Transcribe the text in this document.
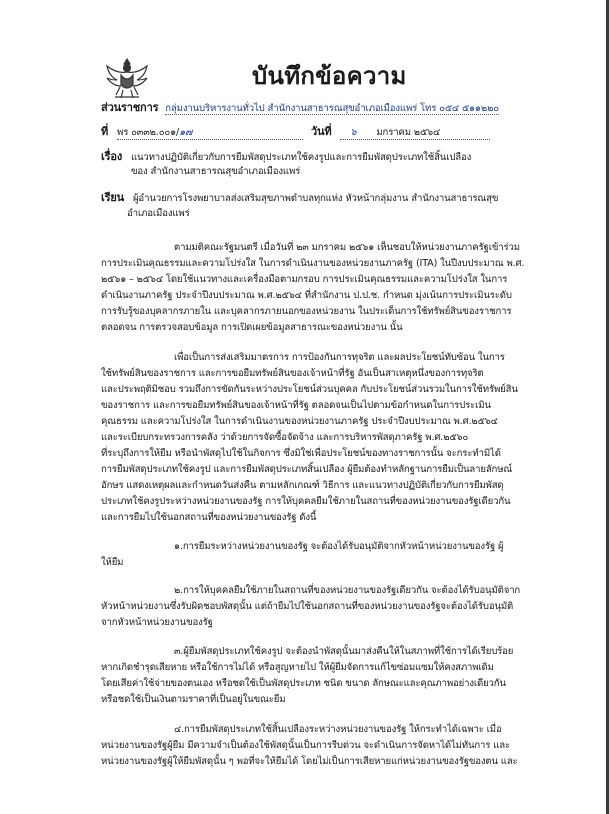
บันทึกข้อความ
ส่วนราชการ กลุ่มงานบริหารงานทั่วไป สำนักงานสาธารณสุขอำเภอเมืองแพร่ โทร ๐๕๔ ๕๑๑๒๒๐
ที่ พร ๐๓๓๒.๐๐๑/๑๗	วันที่ ๖ มกราคม ๒๕๖๔
เรื่อง แนวทางปฏิบัติเกี่ยวกับการยืมพัสดุประเภทใช้คงรูปและการยืมพัสดุประเภทใช้สิ้นเปลือง
ของ สำนักงานสาธารณสุขอำเภอเมืองแพร่
เรียน ผู้อำนวยการโรงพยาบาลส่งเสริมสุขภาพตำบลทุกแห่ง หัวหน้ากลุ่มงาน สำนักงานสาธารณสุข
อำเภอเมืองแพร่
ตามมติคณะรัฐมนตรี เมื่อวันที่ ๒๓ มกราคม ๒๕๖๑ เห็นชอบให้หน่วยงานภาครัฐเข้าร่วม
การประเมินคุณธรรมและความโปร่งใส ในการดำเนินงานของหน่วยงานภาครัฐ (ITA) ในปีงบประมาณ พ.ศ.
๒๕๖๑ – ๒๕๖๔ โดยใช้แนวทางและเครื่องมือตามกรอบ การประเมินคุณธรรมและความโปร่งใส ในการ
ดำเนินงานภาครัฐ ประจำปีงบประมาณ พ.ศ.๒๕๖๔ ที่สำนักงาน ป.ป.ช. กำหนด มุ่งเน้นการประเมินระดับ
การรับรู้ของบุคลากรภายใน และบุคลากรภายนอกของหน่วยงาน ในประเด็นการใช้ทรัพย์สินของราชการ
ตลอดจน การตรวจสอบข้อมูล การเปิดเผยข้อมูลสาธารณะของหน่วยงาน นั้น
เพื่อเป็นการส่งเสริมมาตรการ การป้องกันการทุจริต และผลประโยชน์ทับซ้อน ในการ
ใช้ทรัพย์สินของราชการ และการขอยืมทรัพย์สินของเจ้าหน้าที่รัฐ อันเป็นสาเหตุหนึ่งของการทุจริต
และประพฤติมิชอบ รวมถึงการขัดกันระหว่างประโยชน์ส่วนบุคคล กับประโยชน์ส่วนรวมในการใช้ทรัพย์สิน
ของราชการ และการขอยืมทรัพย์สินของเจ้าหน้าที่รัฐ ตลอดจนเป็นไปตามข้อกำหนดในการประเมิน
คุณธรรม และความโปร่งใส ในการดำเนินงานของหน่วยงานภาครัฐ ประจำปีงบประมาณ พ.ศ.๒๕๖๔
และระเบียบกระทรวงการคลัง ว่าด้วยการจัดซื้อจัดจ้าง และการบริหารพัสดุภาครัฐ พ.ศ.๒๕๖๐
ที่ระบุถึงการให้ยืม หรือนำพัสดุไปใช้ในกิจการ ซึ่งมิใช่เพื่อประโยชน์ของทางราชการนั้น จะกระทำมิได้
การยืมพัสดุประเภทใช้คงรูป และการยืมพัสดุประเภทสิ้นเปลือง ผู้ยืมต้องทำหลักฐานการยืมเป็นลายลักษณ์
อักษร แสดงเหตุผลและกำหนดวันส่งคืน ตามหลักเกณฑ์ วิธีการ และแนวทางปฏิบัติเกี่ยวกับการยืมพัสดุ
ประเภทใช้คงรูประหว่างหน่วยงานของรัฐ การให้บุคคลยืมใช้ภายในสถานที่ของหน่วยงานของรัฐเดียวกัน
และการยืมไปใช้นอกสถานที่ของหน่วยงานของรัฐ ดังนี้
๑.การยืมระหว่างหน่วยงานของรัฐ จะต้องได้รับอนุมัติจากหัวหน้าหน่วยงานของรัฐ ผู้
ให้ยืม
๒.การให้บุคคลยืมใช้ภายในสถานที่ของหน่วยงานของรัฐเดียวกัน จะต้องได้รับอนุมัติจาก
หัวหน้าหน่วยงานซึ่งรับผิดชอบพัสดุนั้น แต่ถ้ายืมไปใช้นอกสถานที่ของหน่วยงานของรัฐจะต้องได้รับอนุมัติ
จากหัวหน้าหน่วยงานของรัฐ
๓.ผู้ยืมพัสดุประเภทใช้คงรูป จะต้องนำพัสดุนั้นมาส่งคืนให้ในสภาพที่ใช้การได้เรียบร้อย
หากเกิดชำรุดเสียหาย หรือใช้การไม่ได้ หรือสูญหายไป ให้ผู้ยืมจัดการแก้ไขซ่อมแซมให้คงสภาพเดิม
โดยเสียค่าใช้จ่ายของตนเอง หรือชดใช้เป็นพัสดุประเภท ชนิด ขนาด ลักษณะและคุณภาพอย่างเดียวกัน
หรือชดใช้เป็นเงินตามราคาที่เป็นอยู่ในขณะยืม
๔.การยืมพัสดุประเภทใช้สิ้นเปลืองระหว่างหน่วยงานของรัฐ ให้กระทำได้เฉพาะ เมื่อ
หน่วยงานของรัฐผู้ยืม มีความจำเป็นต้องใช้พัสดุนั้นเป็นการรีบด่วน จะดำเนินการจัดหาได้ไม่ทันการ และ
หน่วยงานของรัฐผู้ให้ยืมพัสดุนั้น ๆ พอที่จะให้ยืมได้ โดยไม่เป็นการเสียหายแก่หน่วยงานของรัฐของตน และ
